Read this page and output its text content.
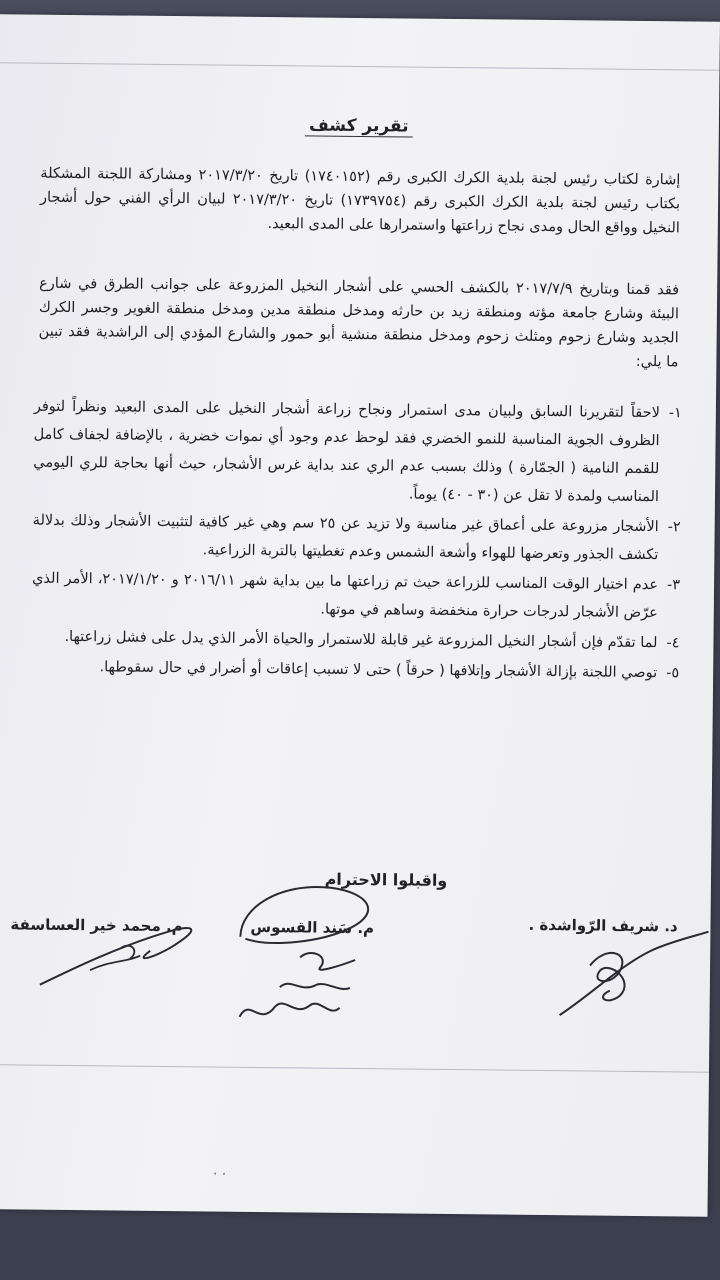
تقرير كشف
إشارة لكتاب رئيس لجنة بلدية الكرك الكبرى رقم (١٧٤٠١٥٢) تاريخ ٢٠١٧/٣/٢٠ ومشاركة اللجنة المشكلة بكتاب رئيس لجنة بلدية الكرك الكبرى رقم (١٧٣٩٧٥٤) تاريخ ٢٠١٧/٣/٢٠ لبيان الرأي الفني حول أشجار النخيل وواقع الحال ومدى نجاح زراعتها واستمرارها على المدى البعيد.
فقد قمنا وبتاريخ ٢٠١٧/٧/٩ بالكشف الحسي على أشجار النخيل المزروعة على جوانب الطرق في شارع البيئة وشارع جامعة مؤته ومنطقة زيد بن حارثه ومدخل منطقة مدين ومدخل منطقة الغوير وجسر الكرك الجديد وشارع زحوم ومثلث زحوم ومدخل منطقة منشية أبو حمور والشارع المؤدي إلى الراشدية فقد تبين ما يلي:
١-
لاحقاً لتقريرنا السابق ولبيان مدى استمرار ونجاح زراعة أشجار النخيل على المدى البعيد ونظراً لتوفر الظروف الجوية المناسبة للنمو الخضري فقد لوحظ عدم وجود أي نموات خضرية ، بالإضافة لجفاف كامل للقمم النامية ( الجمّارة ) وذلك بسبب عدم الري عند بداية غرس الأشجار، حيث أنها بحاجة للري اليومي المناسب ولمدة لا تقل عن (٣٠ - ٤٠) يوماً.
٢-
الأشجار مزروعة على أعماق غير مناسبة ولا تزيد عن ٢٥ سم وهي غير كافية لتثبيت الأشجار وذلك بدلالة تكشف الجذور وتعرضها للهواء وأشعة الشمس وعدم تغطيتها بالتربة الزراعية.
٣-
عدم اختيار الوقت المناسب للزراعة حيث تم زراعتها ما بين بداية شهر ٢٠١٦/١١ و ٢٠١٧/١/٢٠، الأمر الذي عرّض الأشجار لدرجات حرارة منخفضة وساهم في موتها.
٤-
لما تقدّم فإن أشجار النخيل المزروعة غير قابلة للاستمرار والحياة الأمر الذي يدل على فشل زراعتها.
٥-
توصي اللجنة بإزالة الأشجار وإتلافها ( حرقاً ) حتى لا تسبب إعاقات أو أضرار في حال سقوطها.
واقبلوا الاحترام
د. شريف الرّواشدة .
م. سَند القسوس
م. محمد خير العساسفة
· ·
